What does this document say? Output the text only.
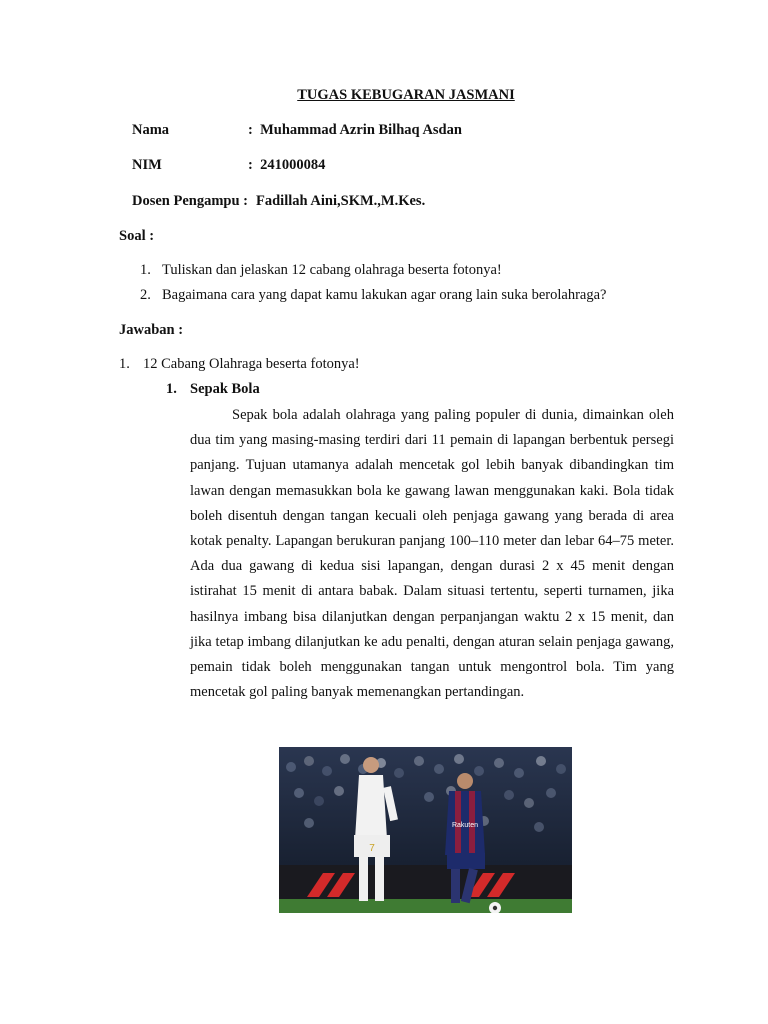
TUGAS KEBUGARAN JASMANI
Nama	: Muhammad Azrin Bilhaq Asdan
NIM	: 241000084
Dosen Pengampu : Fadillah Aini,SKM.,M.Kes.
Soal :
1. Tuliskan dan jelaskan 12 cabang olahraga beserta fotonya!
2. Bagaimana cara yang dapat kamu lakukan agar orang lain suka berolahraga?
Jawaban :
1. 12 Cabang Olahraga beserta fotonya!
1. Sepak Bola

Sepak bola adalah olahraga yang paling populer di dunia, dimainkan oleh dua tim yang masing-masing terdiri dari 11 pemain di lapangan berbentuk persegi panjang. Tujuan utamanya adalah mencetak gol lebih banyak dibandingkan tim lawan dengan memasukkan bola ke gawang lawan menggunakan kaki. Bola tidak boleh disentuh dengan tangan kecuali oleh penjaga gawang yang berada di area kotak penalty. Lapangan berukuran panjang 100–110 meter dan lebar 64–75 meter. Ada dua gawang di kedua sisi lapangan, dengan durasi 2 x 45 menit dengan istirahat 15 menit di antara babak. Dalam situasi tertentu, seperti turnamen, jika hasilnya imbang bisa dilanjutkan dengan perpanjangan waktu 2 x 15 menit, dan jika tetap imbang dilanjutkan ke adu penalti, dengan aturan selain penjaga gawang, pemain tidak boleh menggunakan tangan untuk mengontrol bola. Tim yang mencetak gol paling banyak memenangkan pertandingan.

7
Rakuten
